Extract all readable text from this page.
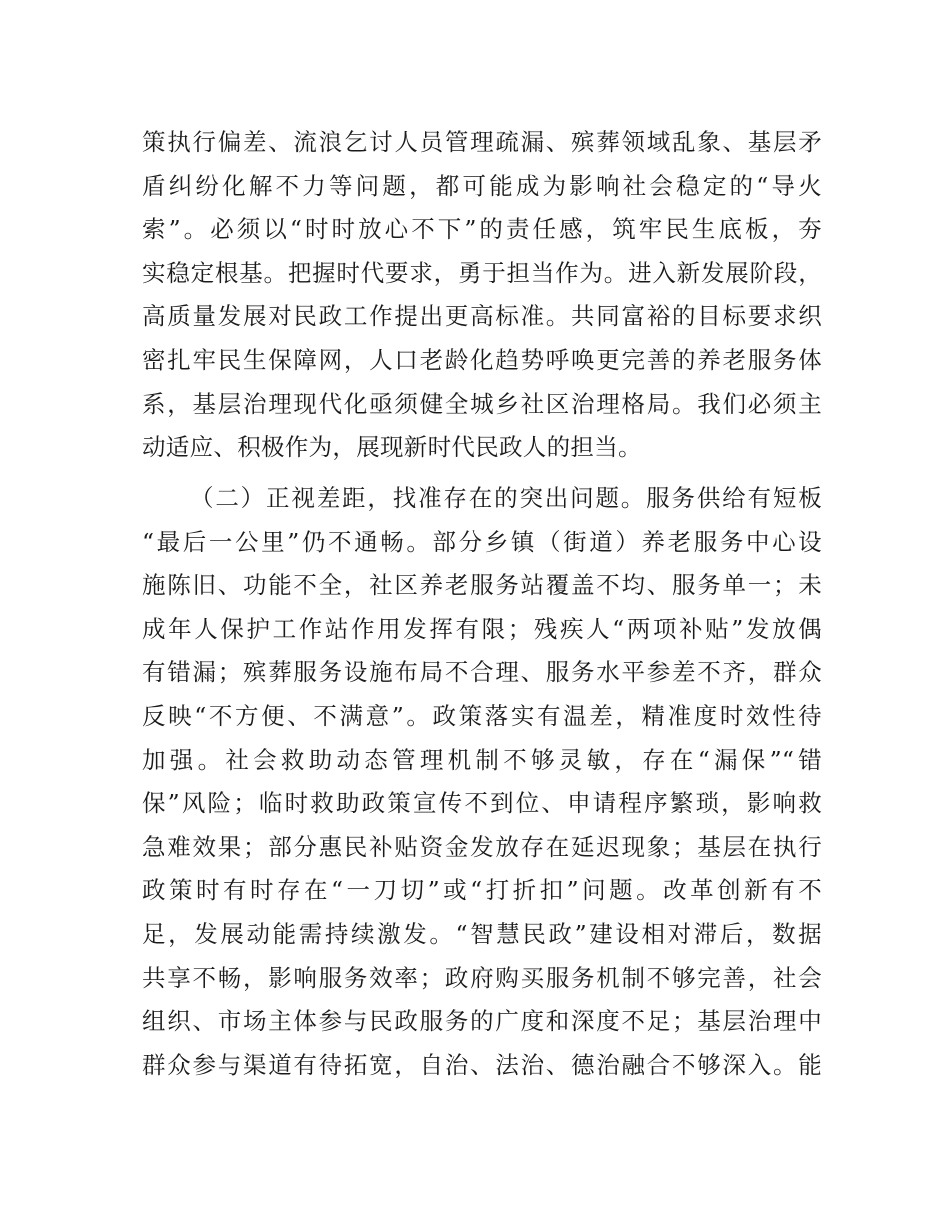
策执行偏差、流浪乞讨人员管理疏漏、殡葬领域乱象、基层矛
盾纠纷化解不力等问题，都可能成为影响社会稳定的“导火
索”。必须以“时时放心不下”的责任感，筑牢民生底板，夯
实稳定根基。把握时代要求，勇于担当作为。进入新发展阶段，
高质量发展对民政工作提出更高标准。共同富裕的目标要求织
密扎牢民生保障网，人口老龄化趋势呼唤更完善的养老服务体
系，基层治理现代化亟须健全城乡社区治理格局。我们必须主
动适应、积极作为，展现新时代民政人的担当。
（二）正视差距，找准存在的突出问题。服务供给有短板
“最后一公里”仍不通畅。部分乡镇（街道）养老服务中心设
施陈旧、功能不全，社区养老服务站覆盖不均、服务单一；未
成年人保护工作站作用发挥有限；残疾人“两项补贴”发放偶
有错漏；殡葬服务设施布局不合理、服务水平参差不齐，群众
反映“不方便、不满意”。政策落实有温差，精准度时效性待
加强。社会救助动态管理机制不够灵敏，存在“漏保”“错
保”风险；临时救助政策宣传不到位、申请程序繁琐，影响救
急难效果；部分惠民补贴资金发放存在延迟现象；基层在执行
政策时有时存在“一刀切”或“打折扣”问题。改革创新有不
足，发展动能需持续激发。“智慧民政”建设相对滞后，数据
共享不畅，影响服务效率；政府购买服务机制不够完善，社会
组织、市场主体参与民政服务的广度和深度不足；基层治理中
群众参与渠道有待拓宽，自治、法治、德治融合不够深入。能
